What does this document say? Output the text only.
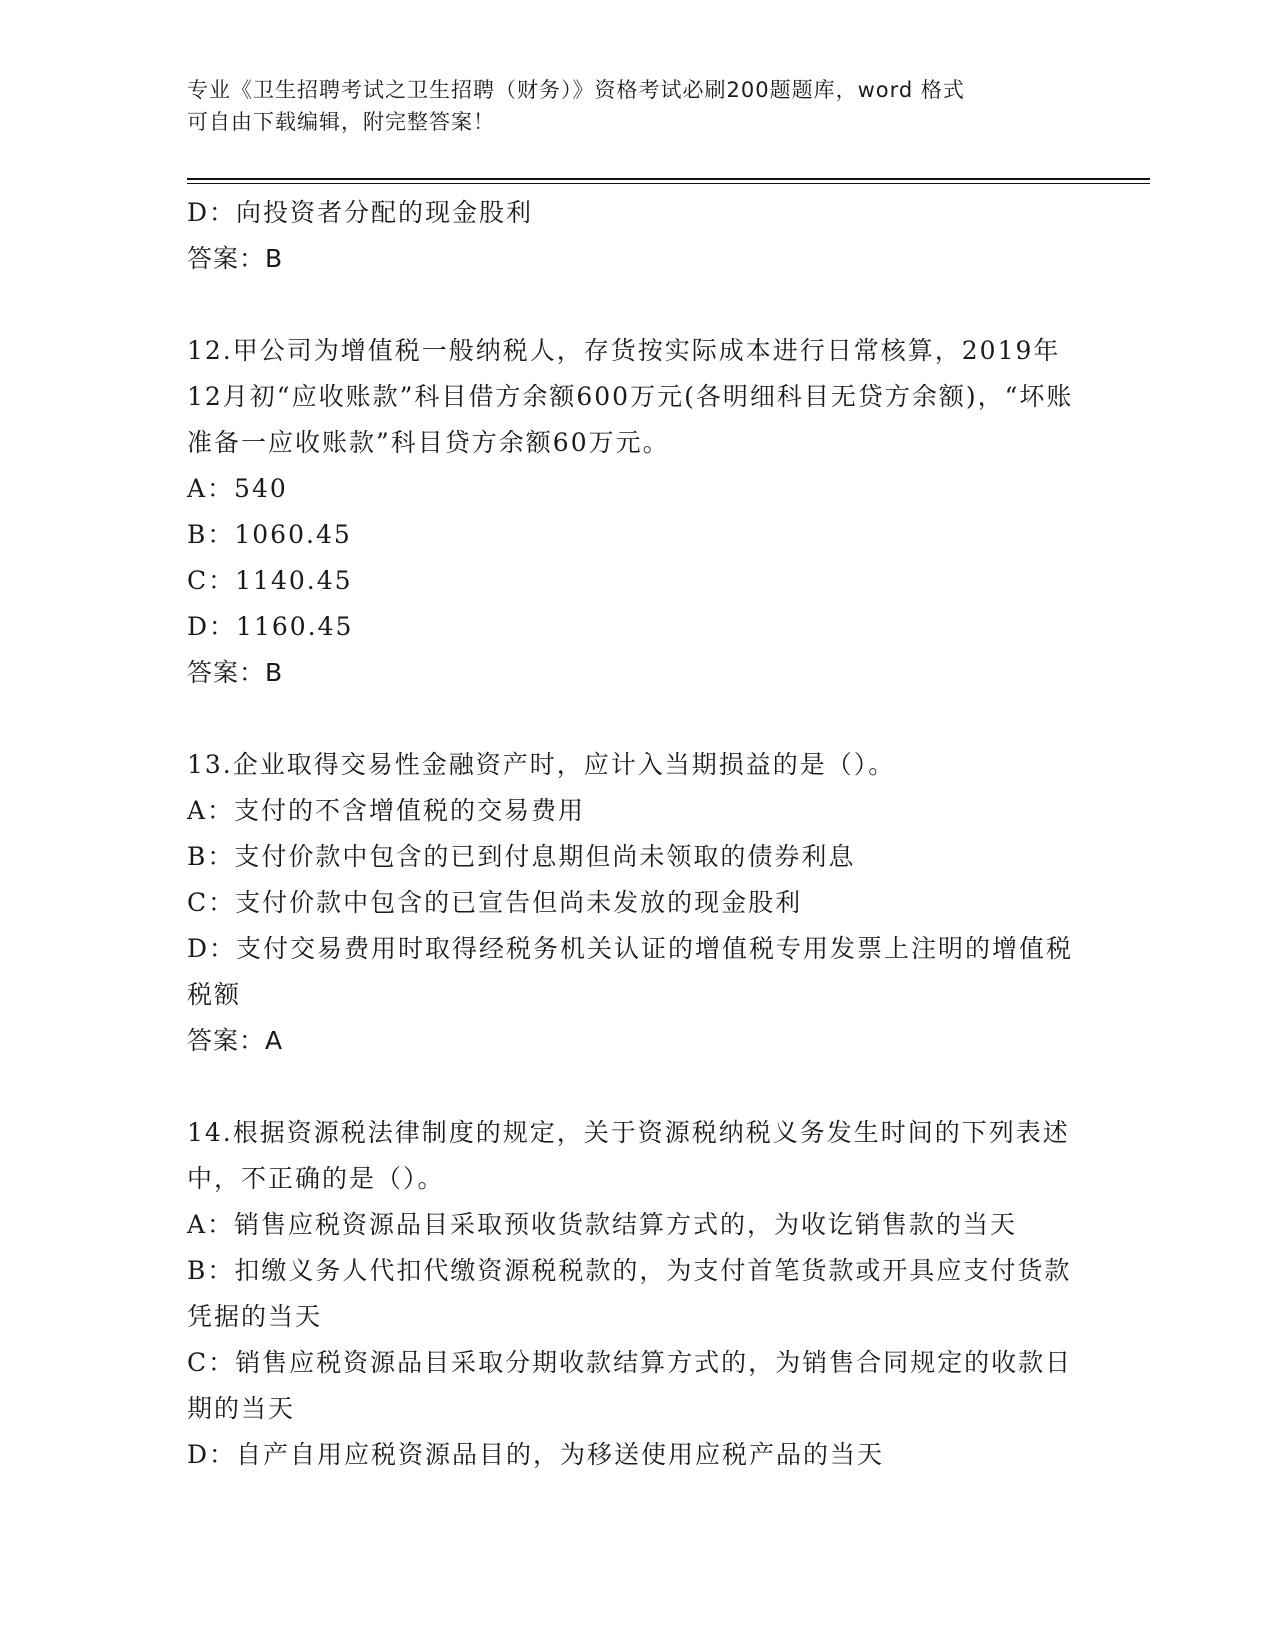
专业《卫生招聘考试之卫生招聘（财务）》资格考试必刷200题题库，word 格式
可自由下载编辑，附完整答案！
D：向投资者分配的现金股利
答案：B
12.甲公司为增值税一般纳税人，存货按实际成本进行日常核算，2019年12月初“应收账款”科目借方余额600万元(各明细科目无贷方余额)，“坏账准备一应收账款”科目贷方余额60万元。
A：540
B：1060.45
C：1140.45
D：1160.45
答案：B
13.企业取得交易性金融资产时，应计入当期损益的是（）。
A：支付的不含增值税的交易费用
B：支付价款中包含的已到付息期但尚未领取的债券利息
C：支付价款中包含的已宣告但尚未发放的现金股利
D：支付交易费用时取得经税务机关认证的增值税专用发票上注明的增值税税额
答案：A
14.根据资源税法律制度的规定，关于资源税纳税义务发生时间的下列表述中，不正确的是（）。
A：销售应税资源品目采取预收货款结算方式的，为收讫销售款的当天
B：扣缴义务人代扣代缴资源税税款的，为支付首笔货款或开具应支付货款凭据的当天
C：销售应税资源品目采取分期收款结算方式的，为销售合同规定的收款日期的当天
D：自产自用应税资源品目的，为移送使用应税产品的当天
